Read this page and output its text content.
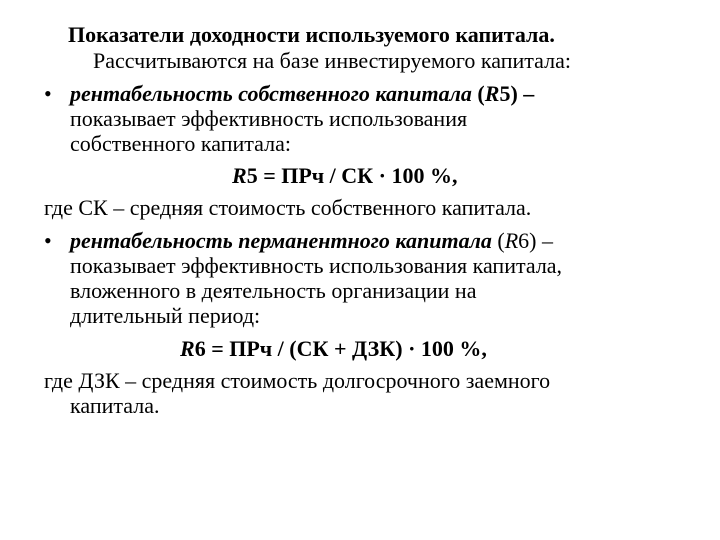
Показатели доходности используемого капитала.
Рассчитываются на базе инвестируемого капитала:
• рентабельность собственного капитала (R5) –
показывает эффективность использования
собственного капитала:
R5 = ПРч / СК · 100 %,
где СК – средняя стоимость собственного капитала.
• рентабельность перманентного капитала (R6) –
показывает эффективность использования капитала,
вложенного в деятельность организации на
длительный период:
R6 = ПРч / (СК + ДЗК) · 100 %,
где ДЗК – средняя стоимость долгосрочного заемного
капитала.
